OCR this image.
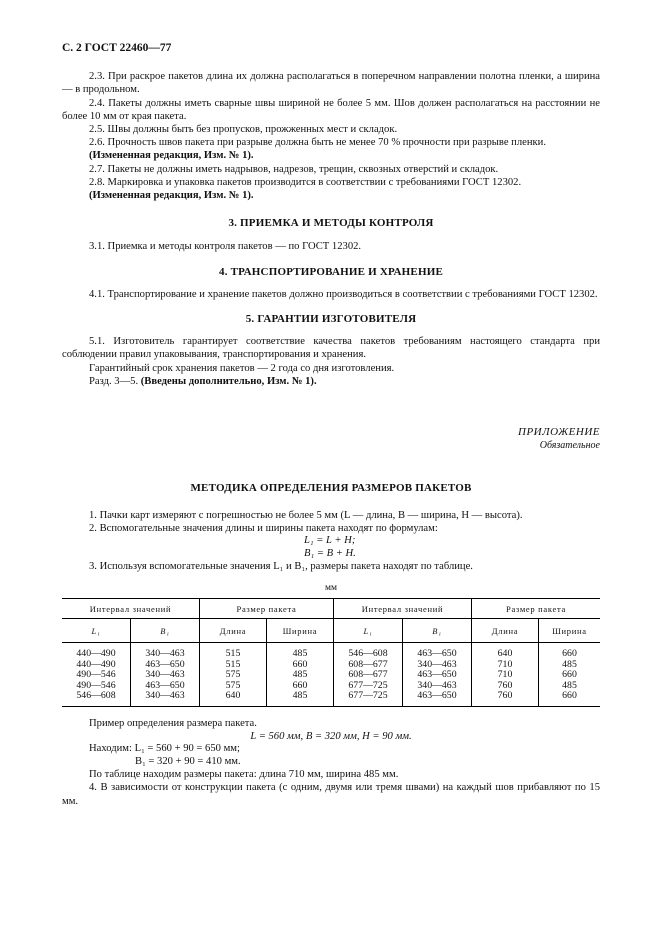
С. 2 ГОСТ 22460—77

2.3. При раскрое пакетов длина их должна располагаться в поперечном направлении полотна пленки, а ширина — в продольном.

2.4. Пакеты должны иметь сварные швы шириной не более 5 мм. Шов должен располагаться на расстоянии не более 10 мм от края пакета.

2.5. Швы должны быть без пропусков, прожженных мест и складок.

2.6. Прочность швов пакета при разрыве должна быть не менее 70 % прочности при разрыве пленки.

(Измененная редакция, Изм. № 1).

2.7. Пакеты не должны иметь надрывов, надрезов, трещин, сквозных отверстий и складок.

2.8. Маркировка и упаковка пакетов производится в соответствии с требованиями ГОСТ 12302.

(Измененная редакция, Изм. № 1).

3. ПРИЕМКА И МЕТОДЫ КОНТРОЛЯ

3.1. Приемка и методы контроля пакетов — по ГОСТ 12302.

4. ТРАНСПОРТИРОВАНИЕ И ХРАНЕНИЕ

4.1. Транспортирование и хранение пакетов должно производиться в соответствии с требованиями ГОСТ 12302.

5. ГАРАНТИИ ИЗГОТОВИТЕЛЯ

5.1. Изготовитель гарантирует соответствие качества пакетов требованиям настоящего стандарта при соблюдении правил упаковывания, транспортирования и хранения.

Гарантийный срок хранения пакетов — 2 года со дня изготовления.

Разд. 3—5. (Введены дополнительно, Изм. № 1).

ПРИЛОЖЕНИЕ
Обязательное
МЕТОДИКА ОПРЕДЕЛЕНИЯ РАЗМЕРОВ ПАКЕТОВ

1. Пачки карт измеряют с погрешностью не более 5 мм (L — длина, B — ширина, H — высота).

2. Вспомогательные значения длины и ширины пакета находят по формулам:

L₁ = L + H;
B₁ = B + H.

3. Используя вспомогательные значения L₁ и B₁, размеры пакета находят по таблице.

мм
Интервал значений		Размер пакета		Интервал значений		Размер пакета	
L₁	B₁	Длина	Ширина	L₁	B₁	Длина	Ширина
440—490	340—463	515	485	546—608	463—650	640	660
440—490	463—650	515	660	608—677	340—463	710	485
490—546	340—463	575	485	608—677	463—650	710	660
490—546	463—650	575	660	677—725	340—463	760	485
546—608	340—463	640	485	677—725	463—650	760	660

Пример определения размера пакета.

L = 560 мм, B = 320 мм, H = 90 мм.

Находим: L₁ = 560 + 90 = 650 мм;
B₁ = 320 + 90 = 410 мм.

По таблице находим размеры пакета: длина 710 мм, ширина 485 мм.

4. В зависимости от конструкции пакета (с одним, двумя или тремя швами) на каждый шов прибавляют по 15 мм.
